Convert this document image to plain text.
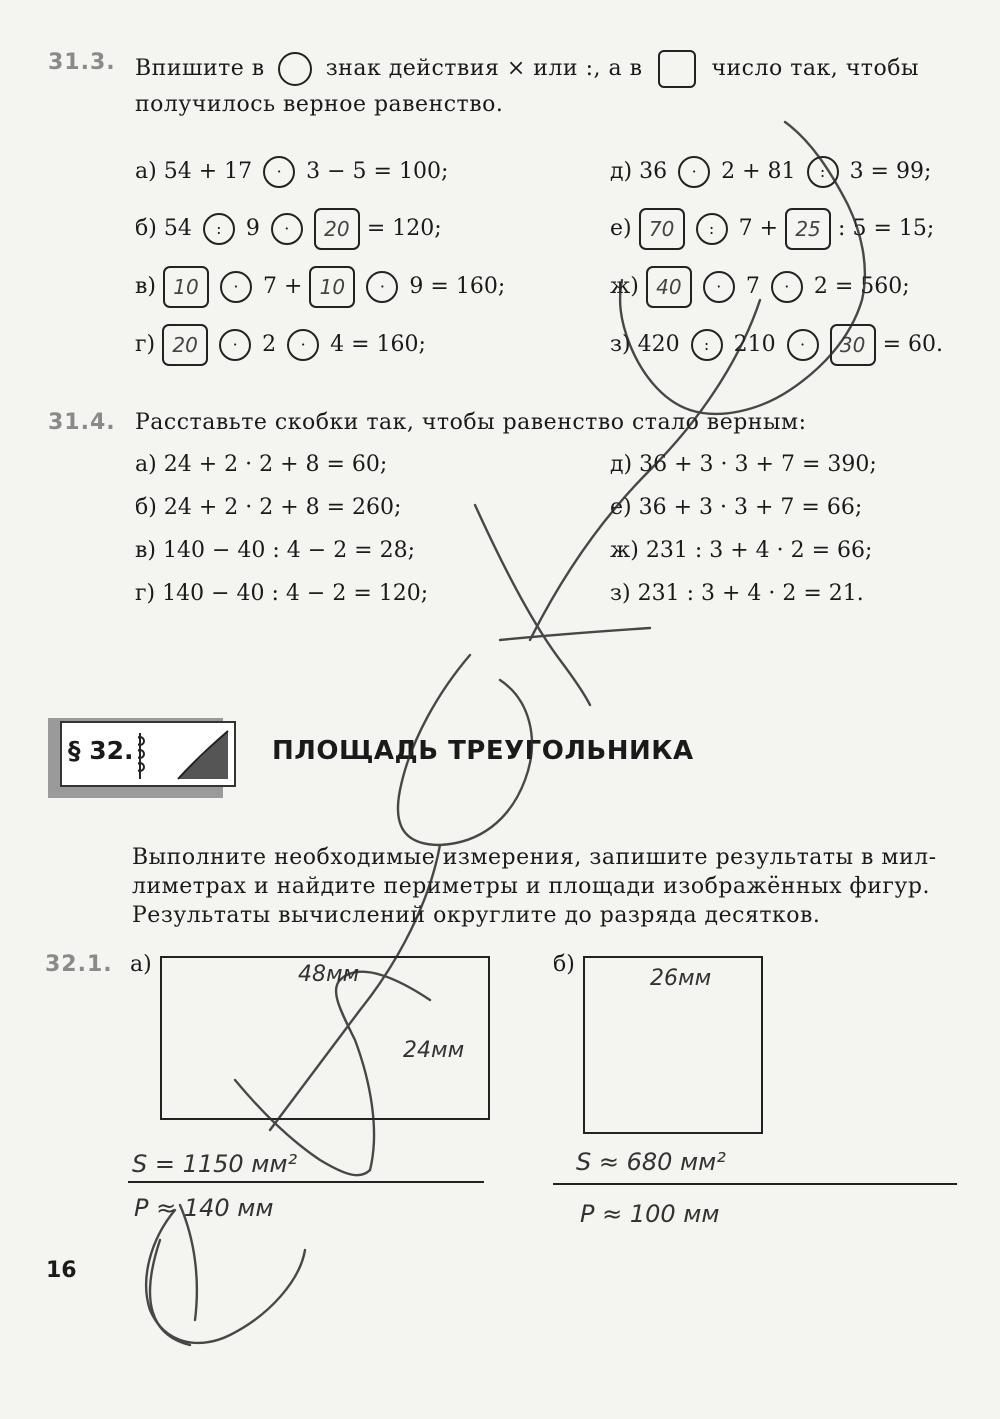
31.3. Впишите в	знак действия × или :, а в	число так, чтобы
получилось верное равенство.
а) 54 + 17 · 3 − 5 = 100;
б) 54 : 9 · 20 = 120;
в) 10 · 7 + 10 · 9 = 160;
г) 20 · 2 · 4 = 160;
д) 36 · 2 + 81 : 3 = 99;
е) 70 : 7 + 25 : 5 = 15;
ж) 40 · 7 · 2 = 560;
з) 420 : 210 · 30 = 60.
31.4. Расставьте скобки так, чтобы равенство стало верным:
а) 24 + 2 · 2 + 8 = 60;
б) 24 + 2 · 2 + 8 = 260;
в) 140 − 40 : 4 − 2 = 28;
г) 140 − 40 : 4 − 2 = 120;
д) 36 + 3 · 3 + 7 = 390;
е) 36 + 3 · 3 + 7 = 66;
ж) 231 : 3 + 4 · 2 = 66;
з) 231 : 3 + 4 · 2 = 21.
§ 32.	ПЛОЩАДЬ ТРЕУГОЛЬНИКА
Выполните необходимые измерения, запишите результаты в мил-
лиметрах и найдите периметры и площади изображённых фигур.
Результаты вычислений округлите до разряда десятков.
32.1. а)	48мм
24мм
б)
26мм
S = 1150 мм²
P ≈ 140 мм
S ≈ 680 мм²
P ≈ 100 мм
16
